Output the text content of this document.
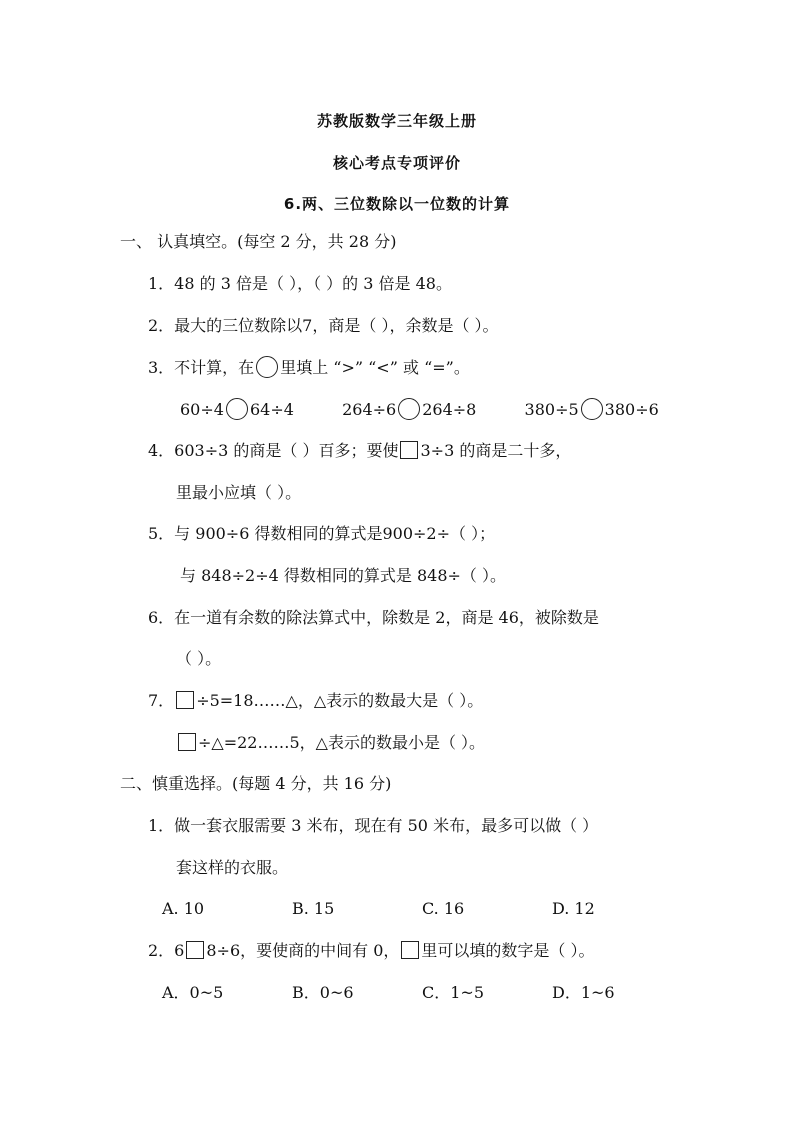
苏教版数学三年级上册
核心考点专项评价
6.两、三位数除以一位数的计算
一、 认真填空。(每空 2 分，共 28 分)
1．48 的 3 倍是（ ），（ ）的 3 倍是 48。
2．最大的三位数除以7，商是（ ），余数是（ ）。
3．不计算，在 里填上 “>” “<” 或 “=”。
60÷4 64÷4	264÷6 264÷8	380÷5 380÷6
4．603÷3 的商是（ ）百多；要使 3÷3 的商是二十多，
里最小应填（ ）。
5．与 900÷6 得数相同的算式是900÷2÷（ ）；
与 848÷2÷4 得数相同的算式是 848÷（ ）。
6．在一道有余数的除法算式中，除数是 2，商是 46，被除数是
（ ）。
7． ÷5=18……△，△表示的数最大是（ ）。
÷△=22……5，△表示的数最小是（ ）。
二、慎重选择。(每题 4 分，共 16 分)
1．做一套衣服需要 3 米布，现在有 50 米布，最多可以做（ ）
套这样的衣服。
A. 10	B. 15	C. 16	D. 12
2．6 8÷6，要使商的中间有 0， 里可以填的数字是（ ）。
A．0~5	B．0~6	C．1~5	D．1~6
